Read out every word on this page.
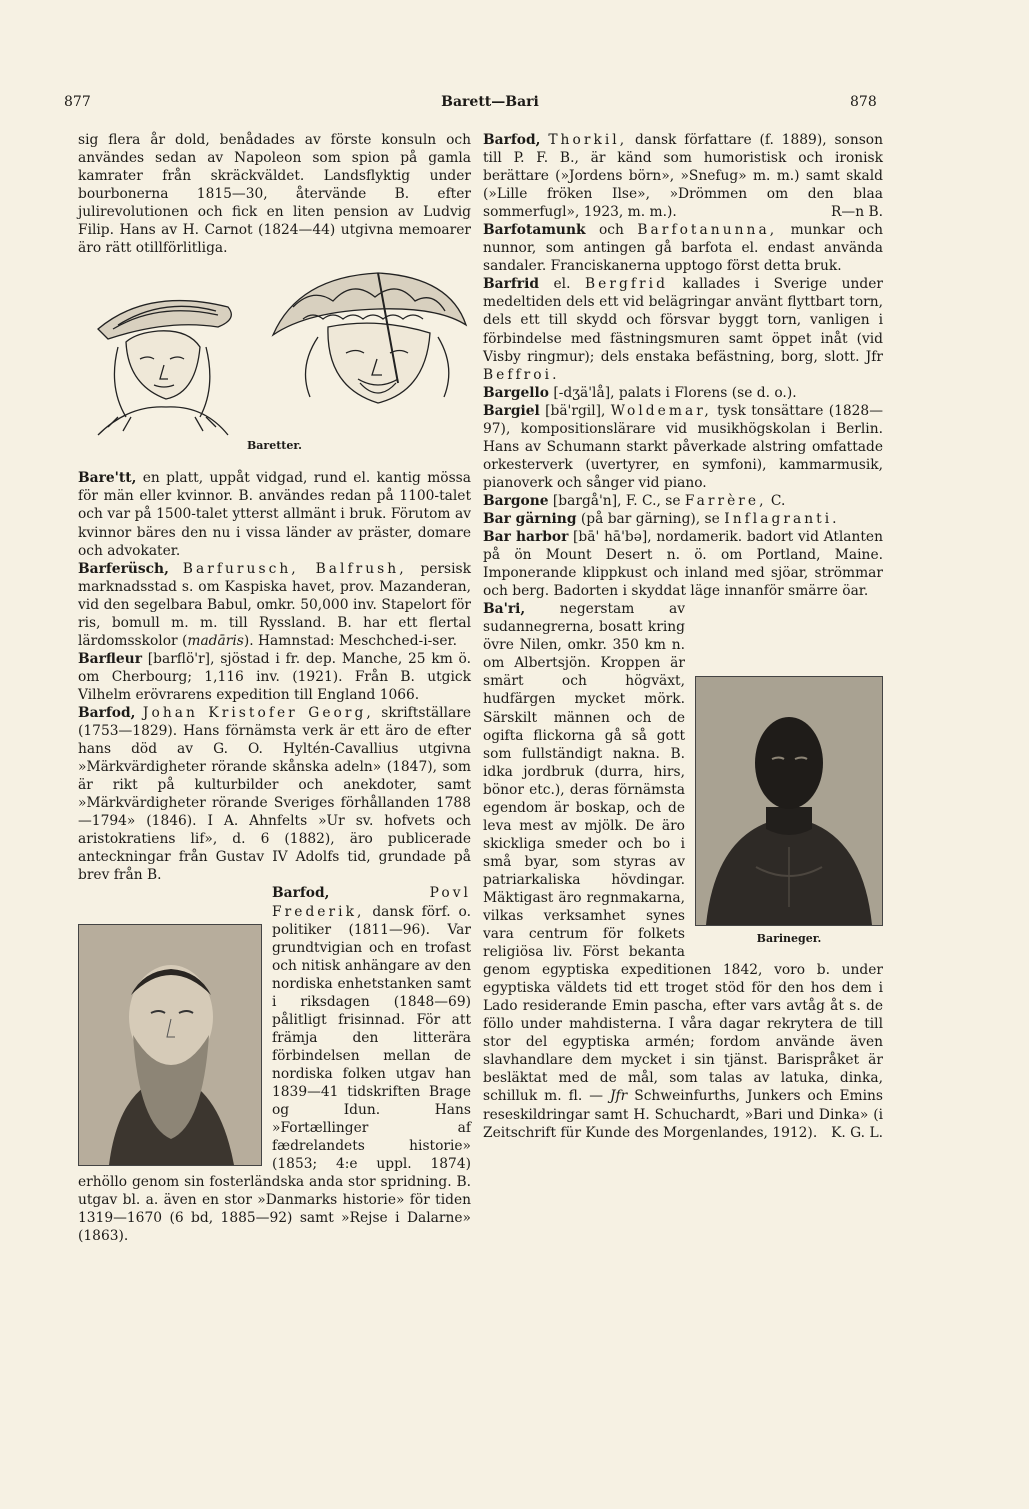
877	Barett—Bari	878

sig flera år dold, benådades av förste konsuln och användes sedan av Napoleon som spion på gamla kamrater från skräckväldet. Landsflyktig under bourbonerna 1815—30, återvände B. efter julirevolutionen och fick en liten pension av Ludvig Filip. Hans av H. Carnot (1824—44) utgivna memoarer äro rätt otillförlitliga.

Baretter.

Bare'tt, en platt, uppåt vidgad, rund el. kantig mössa för män eller kvinnor. B. användes redan på 1100-talet och var på 1500-talet ytterst allmänt i bruk. Förutom av kvinnor bäres den nu i vissa länder av präster, domare och advokater.

Barferüsch, Barfurusch, Balfrush, persisk marknadsstad s. om Kaspiska havet, prov. Mazanderan, vid den segelbara Babul, omkr. 50,000 inv. Stapelort för ris, bomull m. m. till Ryssland. B. har ett flertal lärdomsskolor (madāris). Hamnstad: Meschched-i-ser.

Barfleur [barflö'r], sjöstad i fr. dep. Manche, 25 km ö. om Cherbourg; 1,116 inv. (1921). Från B. utgick Vilhelm erövrarens expedition till England 1066.

Barfod, Johan Kristofer Georg, skriftställare (1753—1829). Hans förnämsta verk är ett äro de efter hans död av G. O. Hyltén-Cavallius utgivna »Märkvärdigheter rörande skånska adeln» (1847), som är rikt på kulturbilder och anekdoter, samt »Märkvärdigheter rörande Sveriges förhållanden 1788—1794» (1846). I A. Ahnfelts »Ur sv. hofvets och aristokratiens lif», d. 6 (1882), äro publicerade anteckningar från Gustav IV Adolfs tid, grundade på brev från B.

Barfod,	Povl Frederik, dansk förf. o. politiker (1811—96). Var grundtvigian och en trofast och nitisk anhängare av den nordiska enhetstanken samt i riksdagen (1848—69) pålitligt frisinnad. För att främja den litterära förbindelsen mellan de nordiska folken utgav han 1839—41 tidskriften Brage og Idun. Hans »Fortællinger af fædrelandets historie» (1853; 4:e uppl. 1874) erhöllo genom sin fosterländska anda stor spridning. B. utgav bl. a. även en stor »Danmarks historie» för tiden 1319—1670 (6 bd, 1885—92) samt »Rejse i Dalarne» (1863).

Barfod, Thorkil, dansk författare (f. 1889), sonson till P. F. B., är känd som humoristisk och ironisk berättare (»Jordens börn», »Snefug» m. m.) samt skald (»Lille fröken Ilse», »Drömmen om den blaa sommerfugl», 1923, m. m.).	R—n B.

Barfotamunk och Barfotanunna, munkar och nunnor, som antingen gå barfota el. endast använda sandaler. Franciskanerna upptogo först detta bruk.

Barfrid el. Bergfrid kallades i Sverige under medeltiden dels ett vid belägringar använt flyttbart torn, dels ett till skydd och försvar byggt torn, vanligen i förbindelse med fästningsmuren samt öppet inåt (vid Visby ringmur); dels enstaka befästning, borg, slott. Jfr Beffroi.

Bargello [-dʒä'lå], palats i Florens (se d. o.).

Bargiel [bä'rgil], Woldemar, tysk tonsättare (1828—97), kompositionslärare vid musikhögskolan i Berlin. Hans av Schumann starkt påverkade alstring omfattade orkesterverk (uvertyrer, en symfoni), kammarmusik, pianoverk och sånger vid piano.

Bargone [bargå'n], F. C., se Farrère, C.

Bar gärning (på bar gärning), se Inflagranti.

Bar harbor [bā' hā'bə], nordamerik. badort vid Atlanten på ön Mount Desert n. ö. om Portland, Maine. Imponerande klippkust och inland med sjöar, strömmar och berg. Badorten i skyddat läge innanför smärre öar.

Barineger.

Ba'ri, negerstam av sudannegrerna, bosatt kring övre Nilen, omkr. 350 km n. om Albertsjön. Kroppen är smärt och högväxt, hudfärgen mycket mörk. Särskilt männen och de ogifta flickorna gå så gott som fullständigt nakna. B. idka jordbruk (durra, hirs, bönor etc.), deras förnämsta egendom är boskap, och de leva mest av mjölk. De äro skickliga smeder och bo i små byar, som styras av patriarkaliska hövdingar. Mäktigast äro regnmakarna, vilkas verksamhet synes vara centrum för folkets religiösa liv. Först bekanta genom egyptiska expeditionen 1842, voro b. under egyptiska väldets tid ett troget stöd för den hos dem i Lado residerande Emin pascha, efter vars avtåg åt s. de föllo under mahdisterna. I våra dagar rekrytera de till stor del egyptiska armén; fordom använde även slavhandlare dem mycket i sin tjänst. Barispråket är besläktat med de mål, som talas av latuka, dinka, schilluk m. fl. — Jfr Schweinfurths, Junkers och Emins reseskildringar samt H. Schuchardt, »Bari und Dinka» (i Zeitschrift für Kunde des Morgenlandes, 1912). K. G. L.
